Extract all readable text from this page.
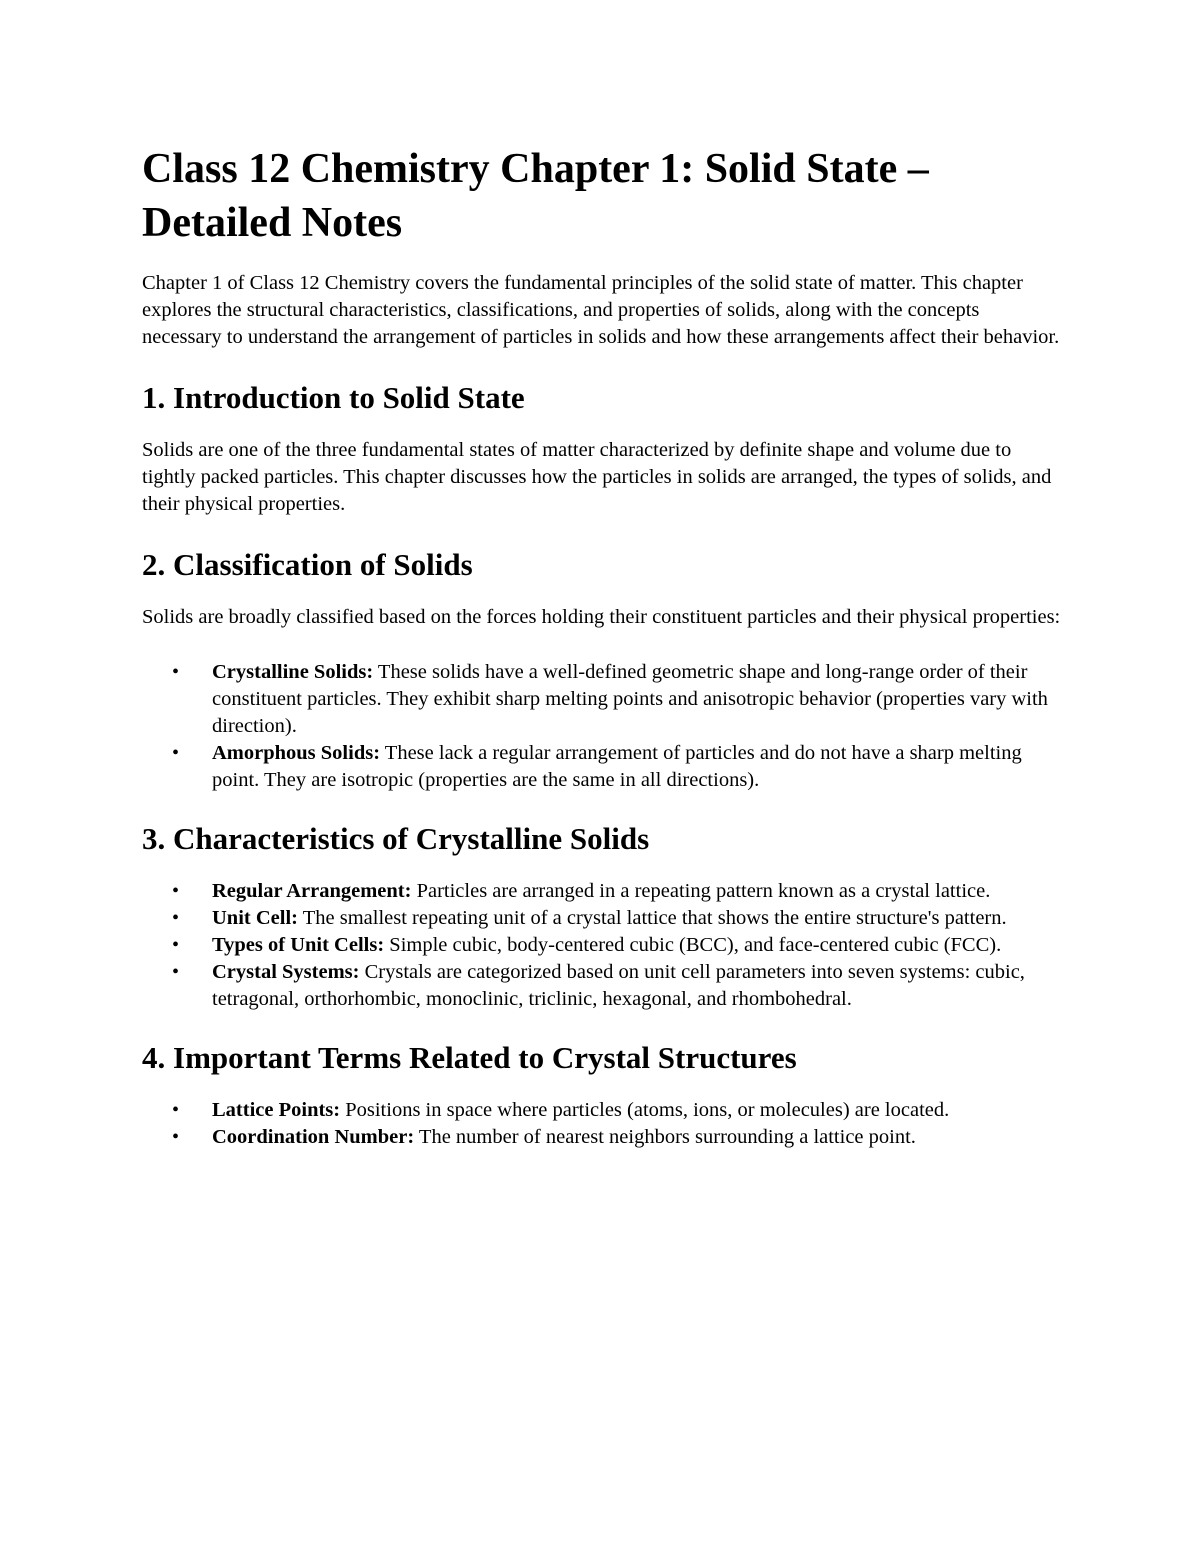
Class 12 Chemistry Chapter 1: Solid State – Detailed Notes

Chapter 1 of Class 12 Chemistry covers the fundamental principles of the solid state of matter. This chapter explores the structural characteristics, classifications, and properties of solids, along with the concepts necessary to understand the arrangement of particles in solids and how these arrangements affect their behavior.

1. Introduction to Solid State

Solids are one of the three fundamental states of matter characterized by definite shape and volume due to tightly packed particles. This chapter discusses how the particles in solids are arranged, the types of solids, and their physical properties.

2. Classification of Solids

Solids are broadly classified based on the forces holding their constituent particles and their physical properties:

• Crystalline Solids: These solids have a well-defined geometric shape and long-range order of their constituent particles. They exhibit sharp melting points and anisotropic behavior (properties vary with direction).
• Amorphous Solids: These lack a regular arrangement of particles and do not have a sharp melting point. They are isotropic (properties are the same in all directions).
3. Characteristics of Crystalline Solids
• Regular Arrangement: Particles are arranged in a repeating pattern known as a crystal lattice.
• Unit Cell: The smallest repeating unit of a crystal lattice that shows the entire structure's pattern.
• Types of Unit Cells: Simple cubic, body-centered cubic (BCC), and face-centered cubic (FCC).
• Crystal Systems: Crystals are categorized based on unit cell parameters into seven systems: cubic, tetragonal, orthorhombic, monoclinic, triclinic, hexagonal, and rhombohedral.
4. Important Terms Related to Crystal Structures
• Lattice Points: Positions in space where particles (atoms, ions, or molecules) are located.
• Coordination Number: The number of nearest neighbors surrounding a lattice point.
